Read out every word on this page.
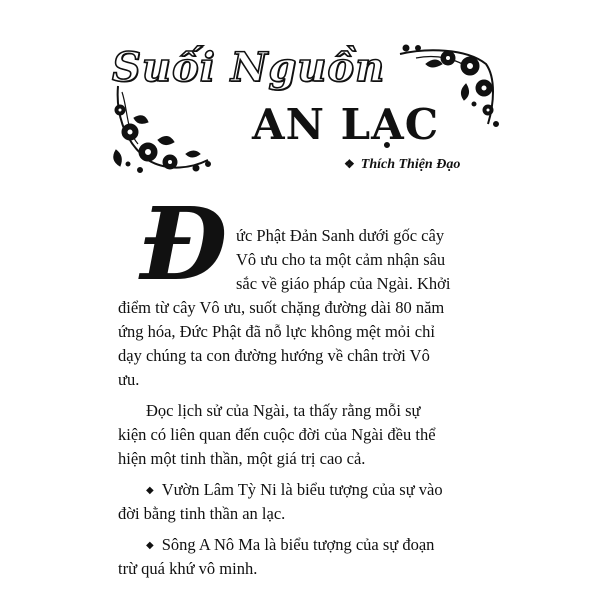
Suối Nguồn
AN LẠC
❖ Thích Thiện Đạo
Đ ức Phật Đản Sanh dưới gốc cây
Vô ưu cho ta một cảm nhận sâu
sắc về giáo pháp của Ngài. Khởi
điểm từ cây Vô ưu, suốt chặng đường dài 80 năm
ứng hóa, Đức Phật đã nỗ lực không mệt mỏi chỉ
dạy chúng ta con đường hướng về chân trời Vô
ưu.
Đọc lịch sử của Ngài, ta thấy rằng mỗi sự
kiện có liên quan đến cuộc đời của Ngài đều thể
hiện một tinh thần, một giá trị cao cả.
◆ Vườn Lâm Tỳ Ni là biểu tượng của sự vào
đời bằng tinh thần an lạc.
◆ Sông A Nô Ma là biểu tượng của sự đoạn
trừ quá khứ vô minh.
